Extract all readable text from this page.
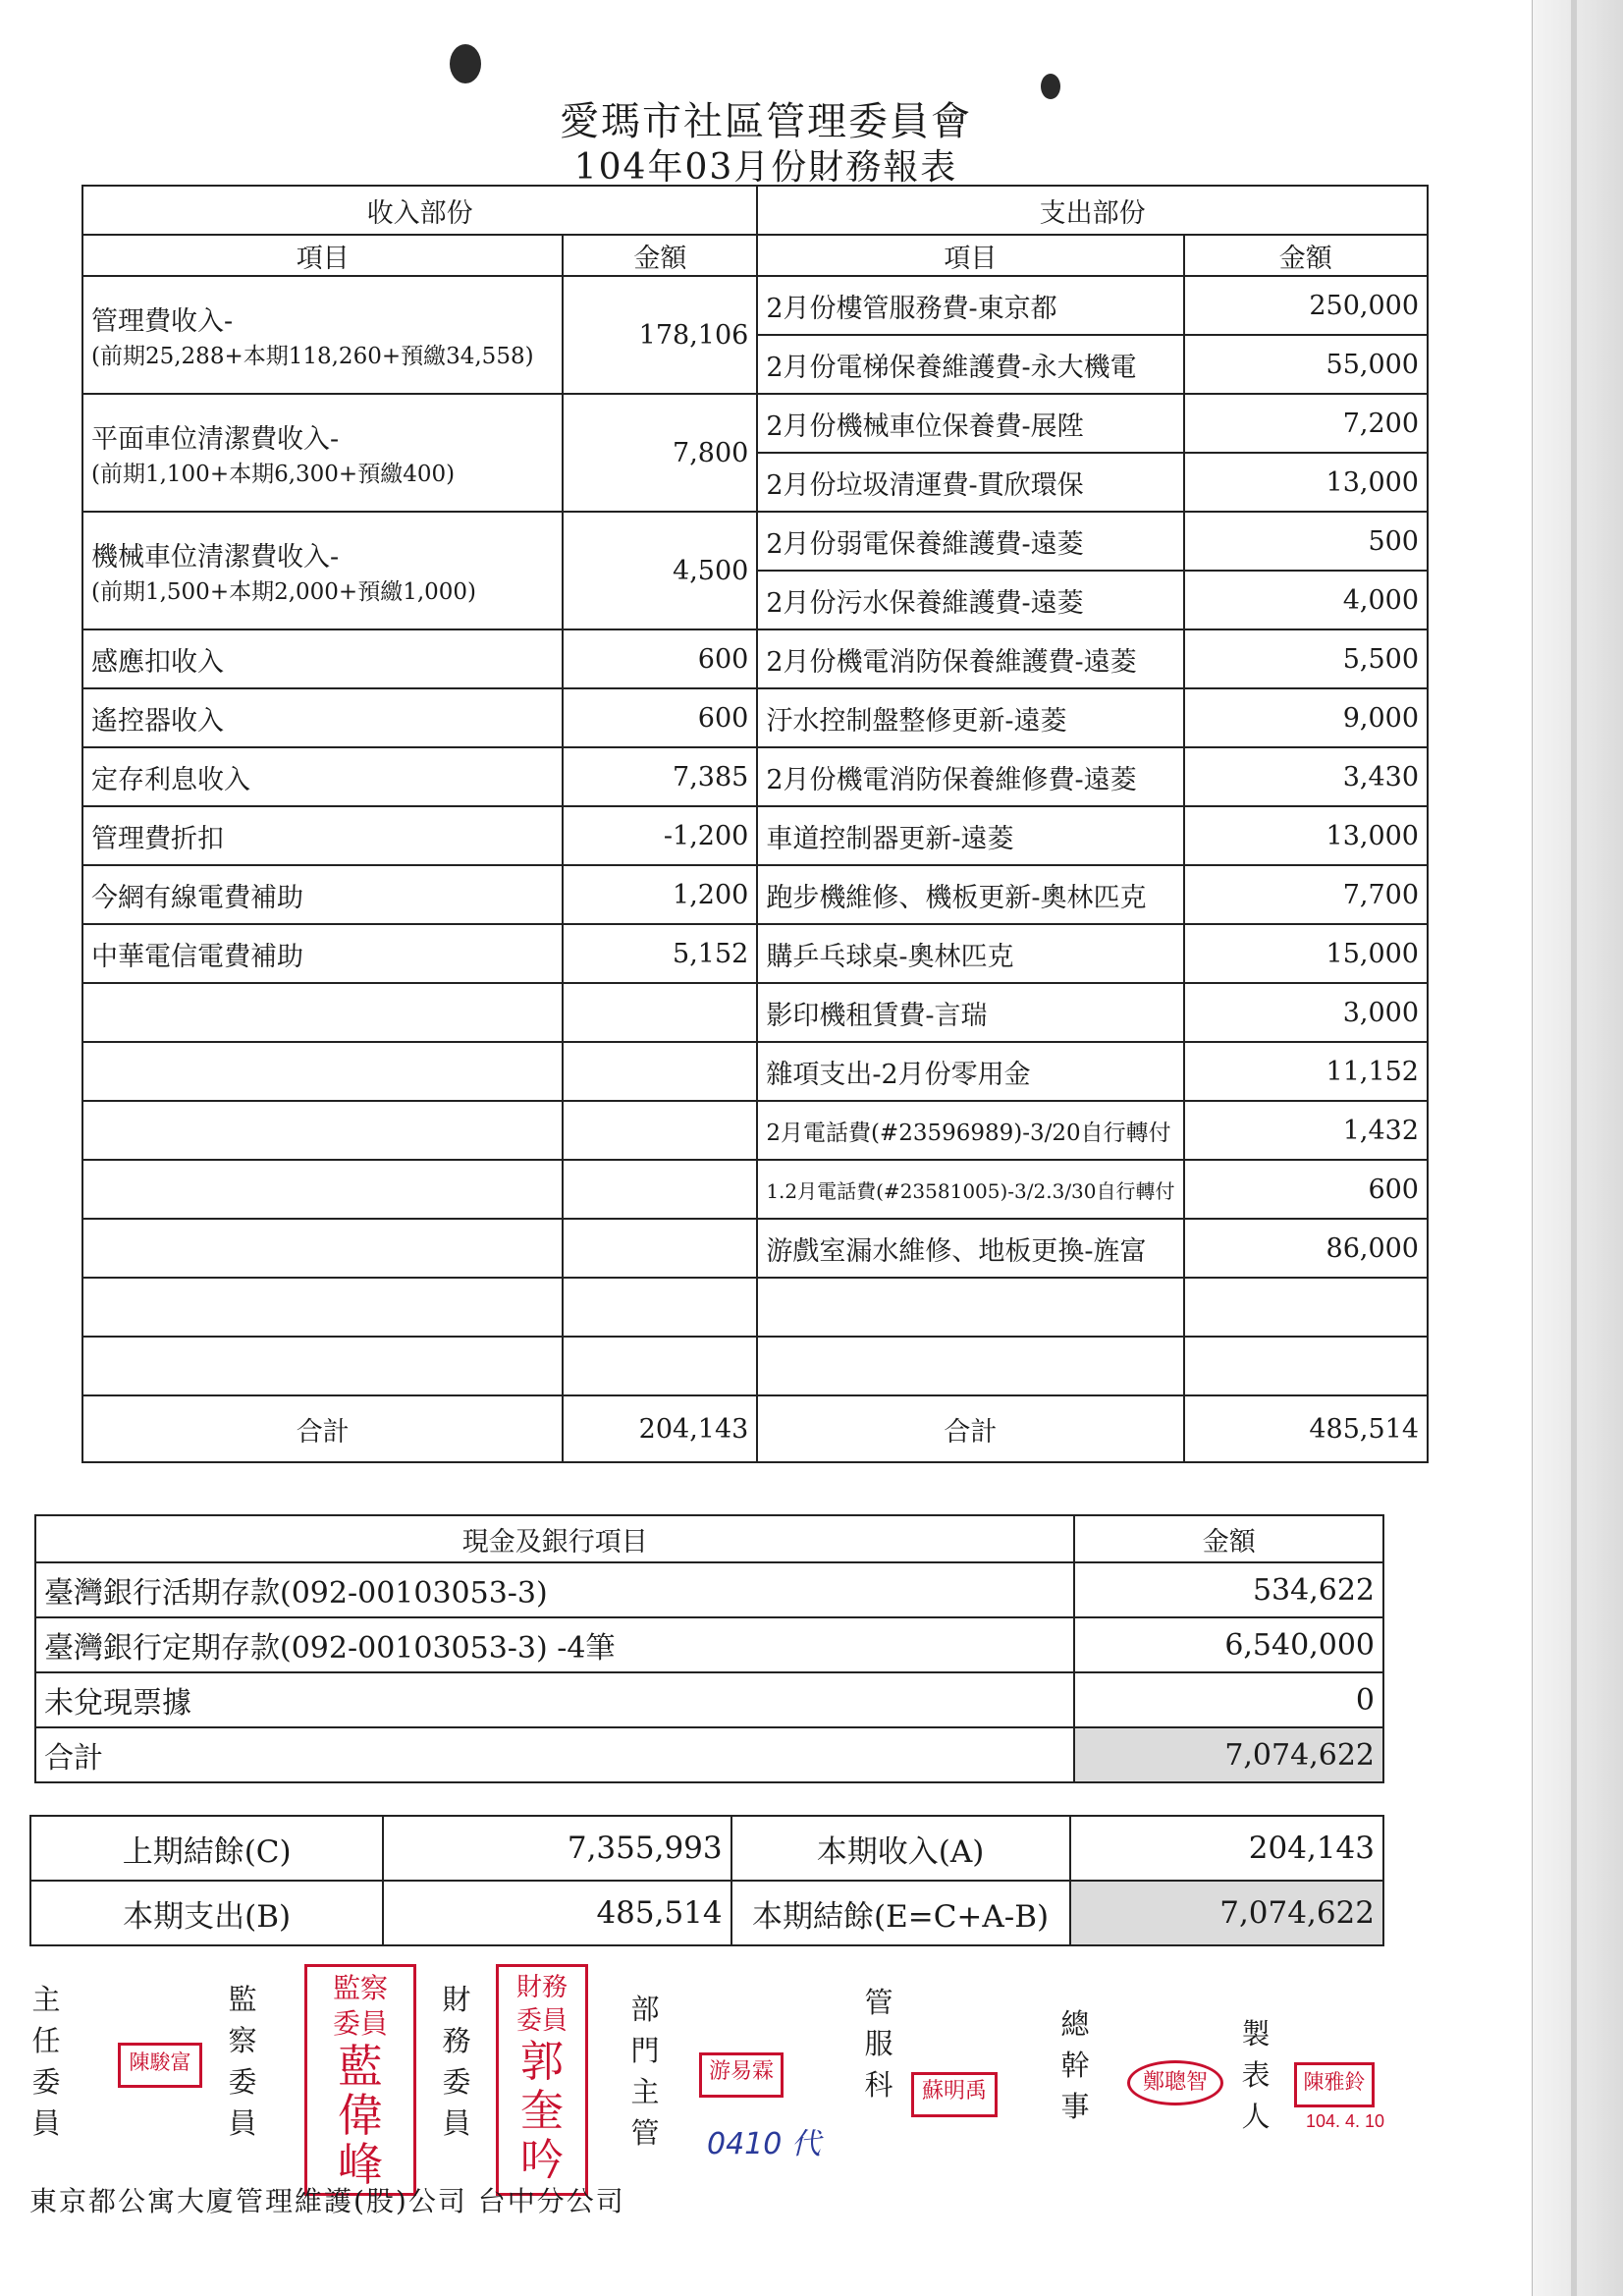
愛瑪市社區管理委員會
104年03月份財務報表
收入部份		支出部份	
項目	金額	項目	金額

管理費收入-
(前期25,288+本期118,260+預繳34,558)	178,106	2月份樓管服務費-東京都	250,000
		2月份電梯保養維護費-永大機電	55,000

平面車位清潔費收入-
(前期1,100+本期6,300+預繳400)	7,800	2月份機械車位保養費-展陞	7,200
		2月份垃圾清運費-貫欣環保	13,000

機械車位清潔費收入-
(前期1,500+本期2,000+預繳1,000)	4,500	2月份弱電保養維護費-遠菱	500
		2月份污水保養維護費-遠菱	4,000
感應扣收入	600	2月份機電消防保養維護費-遠菱	5,500
遙控器收入	600	汙水控制盤整修更新-遠菱	9,000
定存利息收入	7,385	2月份機電消防保養維修費-遠菱	3,430
管理費折扣	-1,200	車道控制器更新-遠菱	13,000
今網有線電費補助	1,200	跑步機維修、機板更新-奧林匹克	7,700
中華電信電費補助	5,152	購乒乓球桌-奧林匹克	15,000
		影印機租賃費-言瑞	3,000
		雜項支出-2月份零用金	11,152
		2月電話費(#23596989)-3/20自行轉付	1,432
		1.2月電話費(#23581005)-3/2.3/30自行轉付	600
		游戲室漏水維修、地板更換-旌富	86,000

合計	204,143	合計	485,514
現金及銀行項目	金額
臺灣銀行活期存款(092-00103053-3)	534,622
臺灣銀行定期存款(092-00103053-3) -4筆	6,540,000
未兌現票據	0
合計	7,074,622
上期結餘(C)	7,355,993	本期收入(A)	204,143
本期支出(B)	485,514	本期結餘(E=C+A-B)	7,074,622
主任委員
陳駿富
監察委員
監察委員
藍偉峰
財務委員
財務委員
郭奎吟
部門主管
游易霖
0410 代
管服科	蘇明禹
總幹事
鄭聰智
製表人
陳雅鈴
104. 4. 10
東京都公寓大廈管理維護(股)公司 台中分公司
